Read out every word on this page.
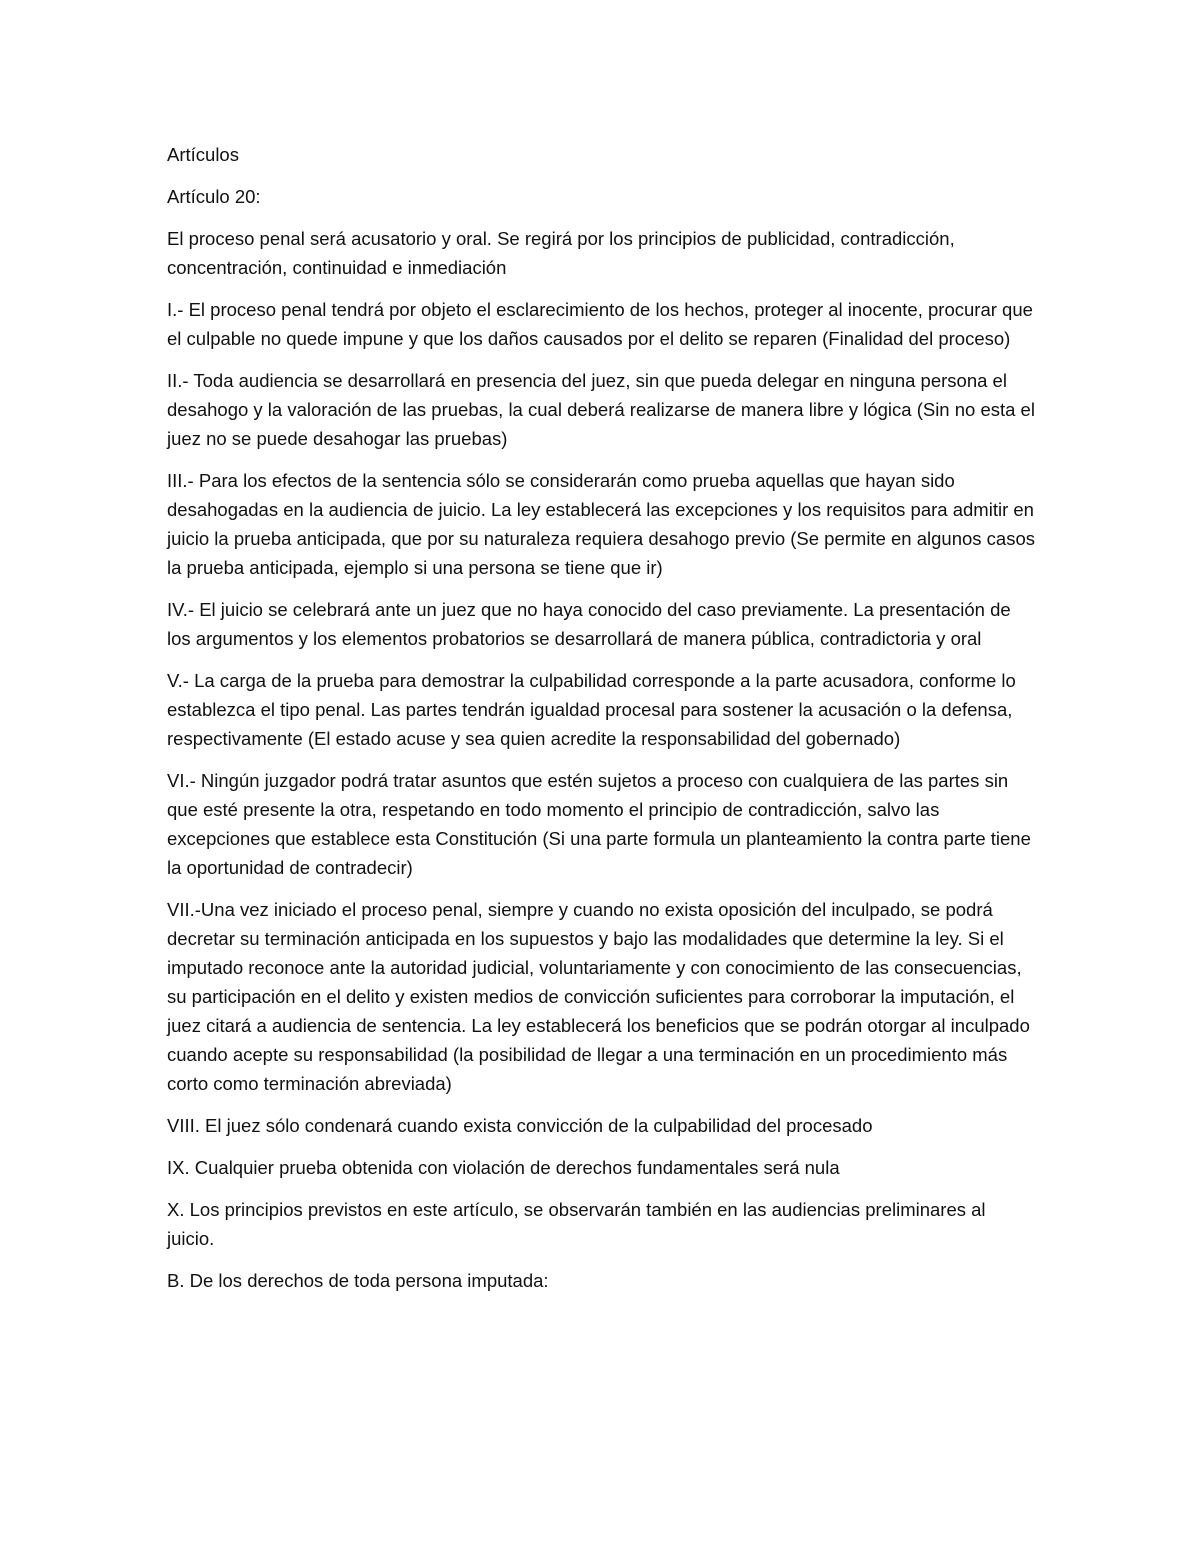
Artículos

Artículo 20:

El proceso penal será acusatorio y oral. Se regirá por los principios de publicidad, contradicción, concentración, continuidad e inmediación

I.- El proceso penal tendrá por objeto el esclarecimiento de los hechos, proteger al inocente, procurar que el culpable no quede impune y que los daños causados por el delito se reparen (Finalidad del proceso)

II.- Toda audiencia se desarrollará en presencia del juez, sin que pueda delegar en ninguna persona el desahogo y la valoración de las pruebas, la cual deberá realizarse de manera libre y lógica (Sin no esta el juez no se puede desahogar las pruebas)

III.- Para los efectos de la sentencia sólo se considerarán como prueba aquellas que hayan sido desahogadas en la audiencia de juicio. La ley establecerá las excepciones y los requisitos para admitir en juicio la prueba anticipada, que por su naturaleza requiera desahogo previo (Se permite en algunos casos la prueba anticipada, ejemplo si una persona se tiene que ir)

IV.- El juicio se celebrará ante un juez que no haya conocido del caso previamente. La presentación de los argumentos y los elementos probatorios se desarrollará de manera pública, contradictoria y oral

V.- La carga de la prueba para demostrar la culpabilidad corresponde a la parte acusadora, conforme lo establezca el tipo penal. Las partes tendrán igualdad procesal para sostener la acusación o la defensa, respectivamente (El estado acuse y sea quien acredite la responsabilidad del gobernado)

VI.- Ningún juzgador podrá tratar asuntos que estén sujetos a proceso con cualquiera de las partes sin que esté presente la otra, respetando en todo momento el principio de contradicción, salvo las excepciones que establece esta Constitución (Si una parte formula un planteamiento la contra parte tiene la oportunidad de contradecir)

VII.-Una vez iniciado el proceso penal, siempre y cuando no exista oposición del inculpado, se podrá decretar su terminación anticipada en los supuestos y bajo las modalidades que determine la ley. Si el imputado reconoce ante la autoridad judicial, voluntariamente y con conocimiento de las consecuencias, su participación en el delito y existen medios de convicción suficientes para corroborar la imputación, el juez citará a audiencia de sentencia. La ley establecerá los beneficios que se podrán otorgar al inculpado cuando acepte su responsabilidad (la posibilidad de llegar a una terminación en un procedimiento más corto como terminación abreviada)

VIII. El juez sólo condenará cuando exista convicción de la culpabilidad del procesado

IX. Cualquier prueba obtenida con violación de derechos fundamentales será nula

X. Los principios previstos en este artículo, se observarán también en las audiencias preliminares al juicio.

B. De los derechos de toda persona imputada:
